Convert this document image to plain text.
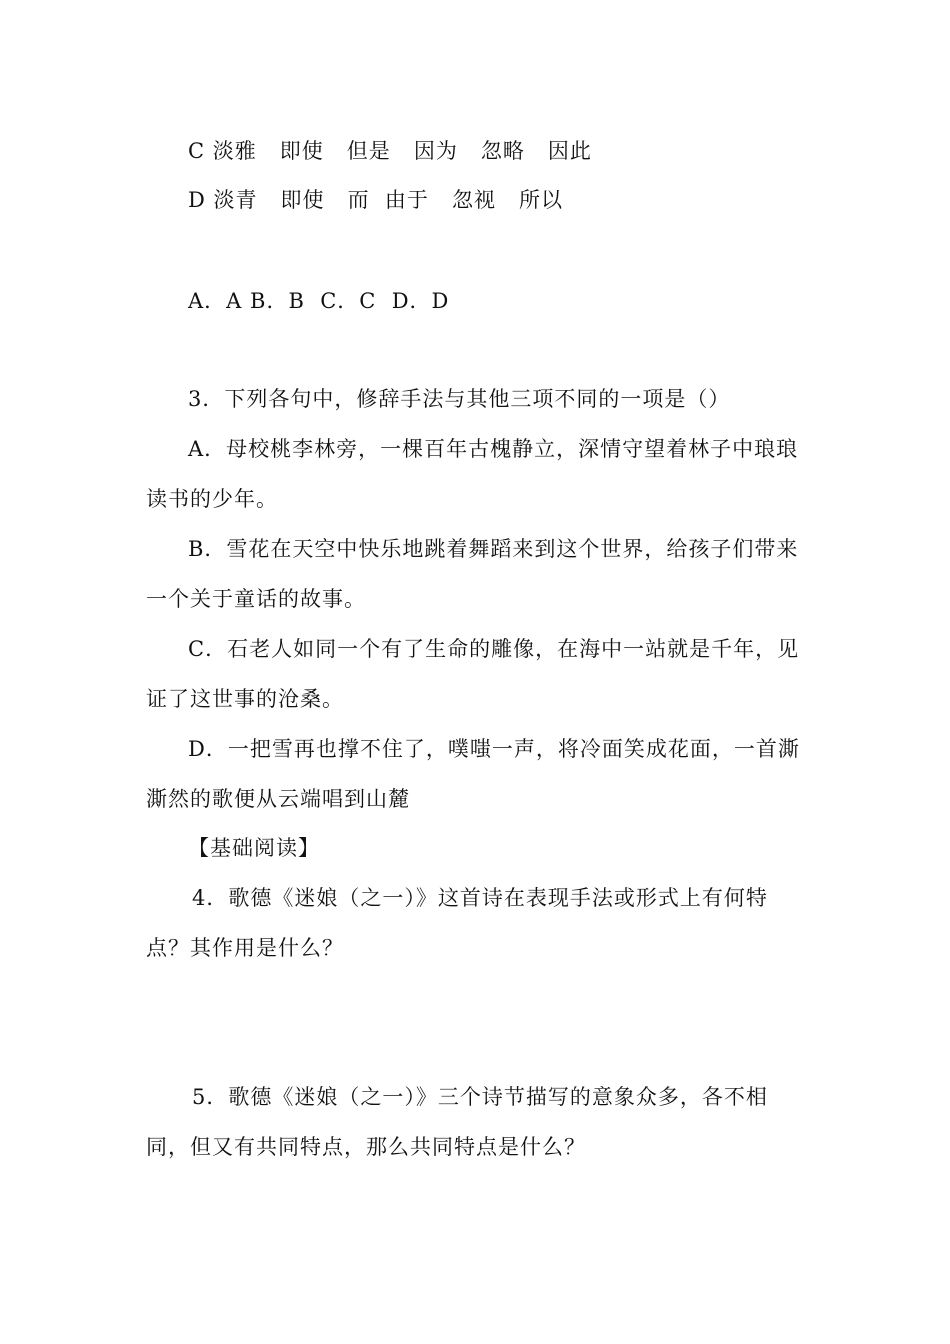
C 淡雅   即使   但是   因为   忽略   因此
D 淡青   即使   而  由于   忽视   所以
A．A B．B  C．C  D．D
3．下列各句中，修辞手法与其他三项不同的一项是（）
A．母校桃李林旁，一棵百年古槐静立，深情守望着林子中琅琅
读书的少年。
B．雪花在天空中快乐地跳着舞蹈来到这个世界，给孩子们带来
一个关于童话的故事。
C．石老人如同一个有了生命的雕像，在海中一站就是千年，见
证了这世事的沧桑。
D．一把雪再也撑不住了，噗嗤一声，将冷面笑成花面，一首澌
澌然的歌便从云端唱到山麓
【基础阅读】
4．歌德《迷娘（之一）》这首诗在表现手法或形式上有何特
点？其作用是什么？
5．歌德《迷娘（之一）》三个诗节描写的意象众多，各不相
同，但又有共同特点，那么共同特点是什么？
